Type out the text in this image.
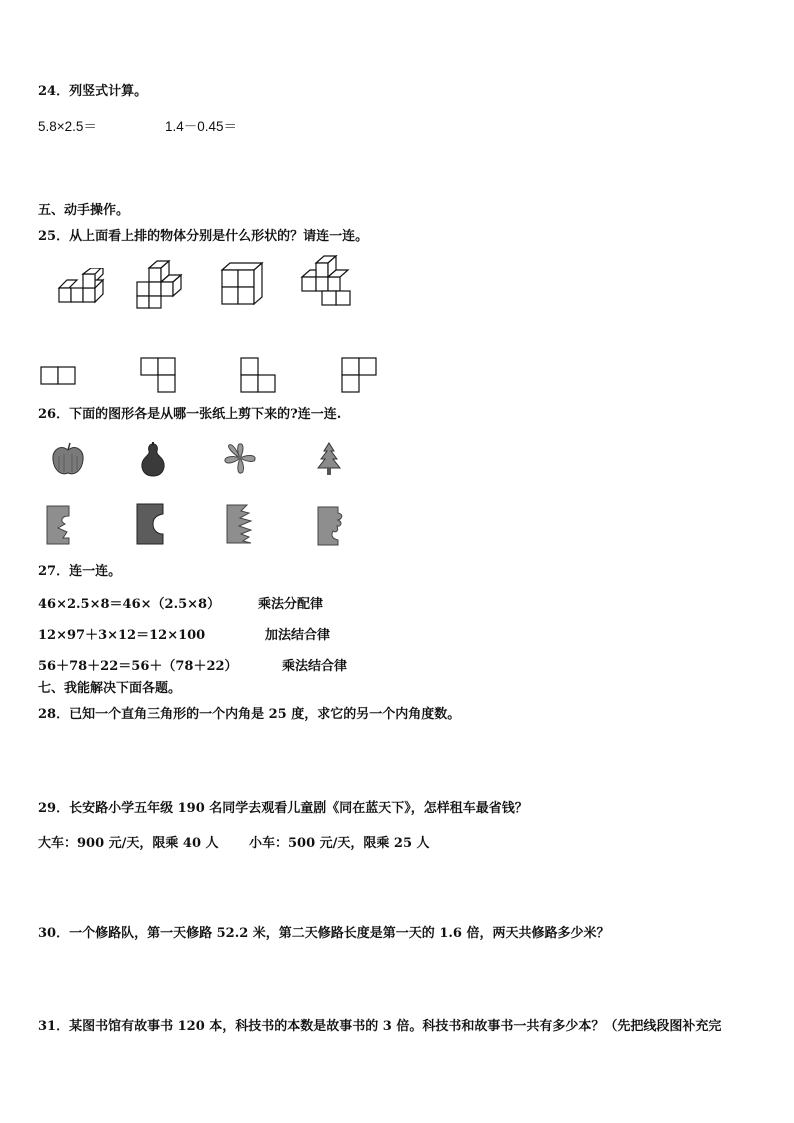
24．列竖式计算。
5.8×2.5＝	1.4－0.45＝
五、动手操作。
25．从上面看上排的物体分别是什么形状的？请连一连。
26．下面的图形各是从哪一张纸上剪下来的?连一连.
27．连一连。
46×2.5×8＝46×（2.5×8）	乘法分配律
12×97＋3×12＝12×100	加法结合律
56＋78＋22＝56＋（78＋22）	乘法结合律
七、我能解决下面各题。
28．已知一个直角三角形的一个内角是 25 度，求它的另一个内角度数。
29．长安路小学五年级 190 名同学去观看儿童剧《同在蓝天下》，怎样租车最省钱？
大车：900 元/天，限乘 40 人 小车：500 元/天，限乘 25 人
30．一个修路队，第一天修路 52.2 米，第二天修路长度是第一天的 1.6 倍，两天共修路多少米？
31．某图书馆有故事书 120 本，科技书的本数是故事书的 3 倍。科技书和故事书一共有多少本？（先把线段图补充完
